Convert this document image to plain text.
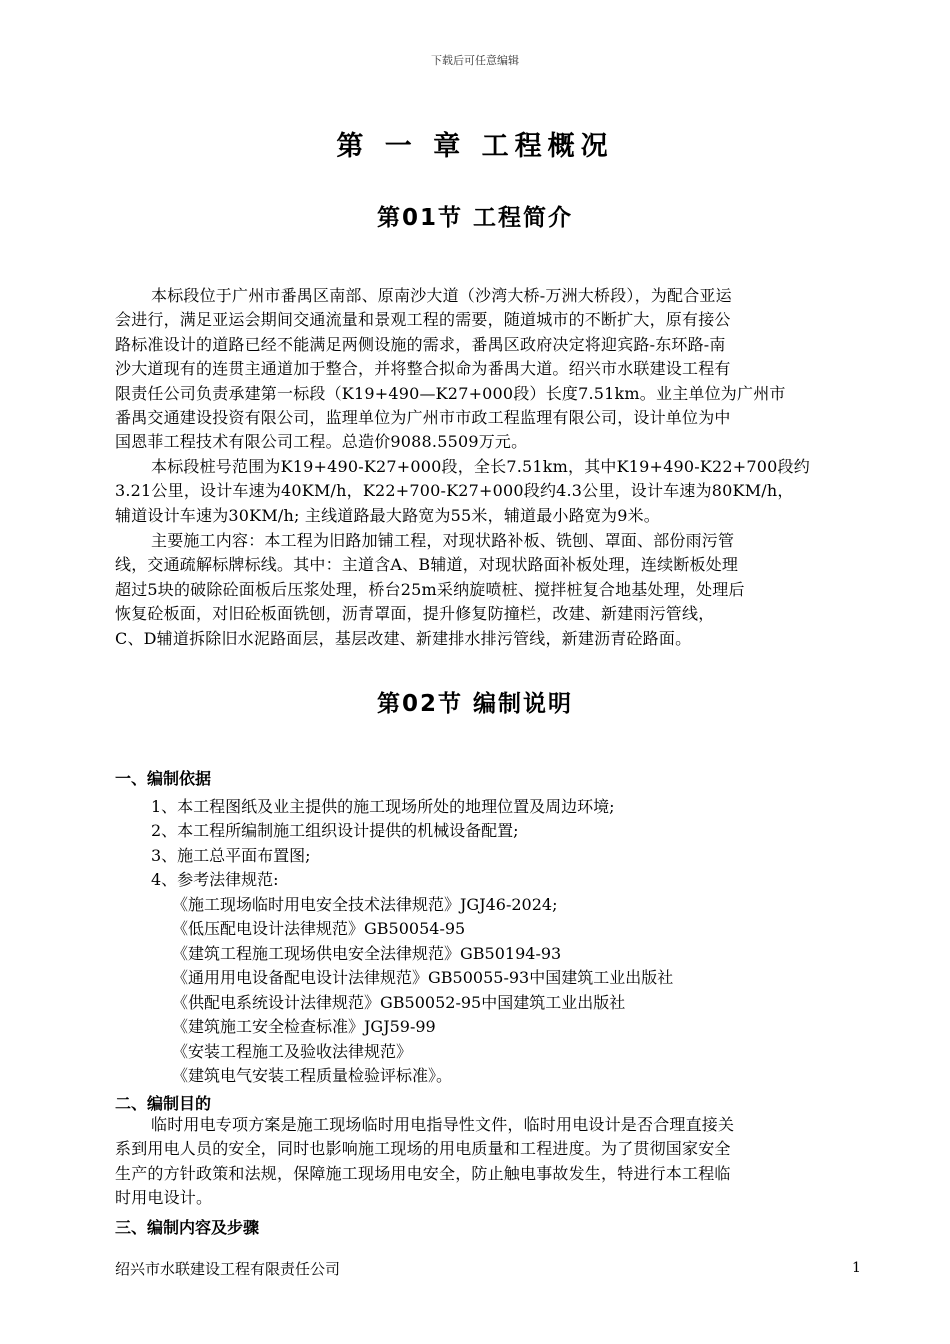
下载后可任意编辑
第 一 章 工程概况
第01节 工程简介
本标段位于广州市番禺区南部、原南沙大道（沙湾大桥-万洲大桥段），为配合亚运
会进行，满足亚运会期间交通流量和景观工程的需要，随道城市的不断扩大，原有接公
路标准设计的道路已经不能满足两侧设施的需求，番禺区政府决定将迎宾路-东环路-南
沙大道现有的连贯主通道加于整合，并将整合拟命为番禺大道。绍兴市水联建设工程有
限责任公司负责承建第一标段（K19+490—K27+000段）长度7.51km。业主单位为广州市
番禺交通建设投资有限公司，监理单位为广州市市政工程监理有限公司，设计单位为中
国恩菲工程技术有限公司工程。总造价9088.5509万元。
本标段桩号范围为K19+490-K27+000段，全长7.51km，其中K19+490-K22+700段约
3.21公里，设计车速为40KM/h，K22+700-K27+000段约4.3公里，设计车速为80KM/h，
辅道设计车速为30KM/h; 主线道路最大路宽为55米，辅道最小路宽为9米。
主要施工内容：本工程为旧路加铺工程，对现状路补板、铣刨、罩面、部份雨污管
线，交通疏解标牌标线。其中：主道含A、B辅道，对现状路面补板处理，连续断板处理
超过5块的破除砼面板后压浆处理，桥台25m采纳旋喷桩、搅拌桩复合地基处理，处理后
恢复砼板面，对旧砼板面铣刨，沥青罩面，提升修复防撞栏，改建、新建雨污管线，
C、D辅道拆除旧水泥路面层，基层改建、新建排水排污管线，新建沥青砼路面。
第02节 编制说明
一、编制依据
1、本工程图纸及业主提供的施工现场所处的地理位置及周边环境;
2、本工程所编制施工组织设计提供的机械设备配置;
3、施工总平面布置图;
4、参考法律规范:
《施工现场临时用电安全技术法律规范》JGJ46-2024;
《低压配电设计法律规范》GB50054-95
《建筑工程施工现场供电安全法律规范》GB50194-93
《通用用电设备配电设计法律规范》GB50055-93中国建筑工业出版社
《供配电系统设计法律规范》GB50052-95中国建筑工业出版社
《建筑施工安全检查标准》JGJ59-99
《安装工程施工及验收法律规范》
《建筑电气安装工程质量检验评标准》。
二、编制目的
临时用电专项方案是施工现场临时用电指导性文件，临时用电设计是否合理直接关
系到用电人员的安全，同时也影响施工现场的用电质量和工程进度。为了贯彻国家安全
生产的方针政策和法规，保障施工现场用电安全，防止触电事故发生，特进行本工程临
时用电设计。
三、编制内容及步骤
绍兴市水联建设工程有限责任公司	1
